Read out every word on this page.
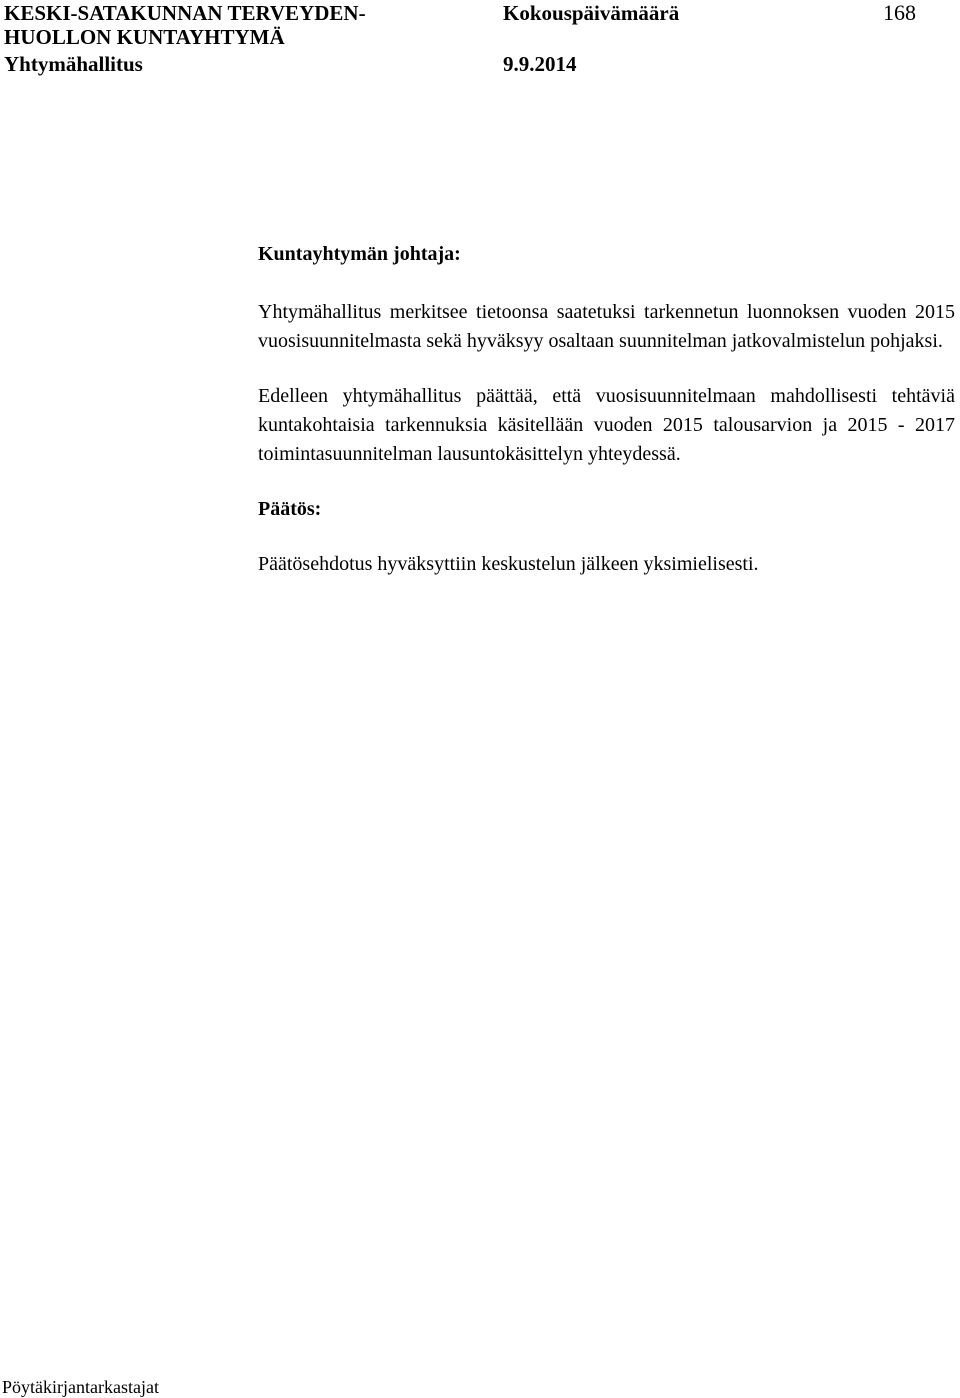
KESKI-SATAKUNNAN TERVEYDEN-
HUOLLON KUNTAYHTYMÄ
Yhtymähallitus
Kokouspäivämäärä
9.9.2014
168

Kuntayhtymän johtaja:

Yhtymähallitus merkitsee tietoonsa saatetuksi tarkennetun luonnoksen vuoden 2015 vuosisuunnitelmasta sekä hyväksyy osaltaan suunnitelman jatkovalmistelun pohjaksi.

Edelleen yhtymähallitus päättää, että vuosisuunnitelmaan mahdollisesti tehtäviä kuntakohtaisia tarkennuksia käsitellään vuoden 2015 talousarvion ja 2015 - 2017 toimintasuunnitelman lausuntokäsittelyn yhteydessä.

Päätös:

Päätösehdotus hyväksyttiin keskustelun jälkeen yksimielisesti.

Pöytäkirjantarkastajat
